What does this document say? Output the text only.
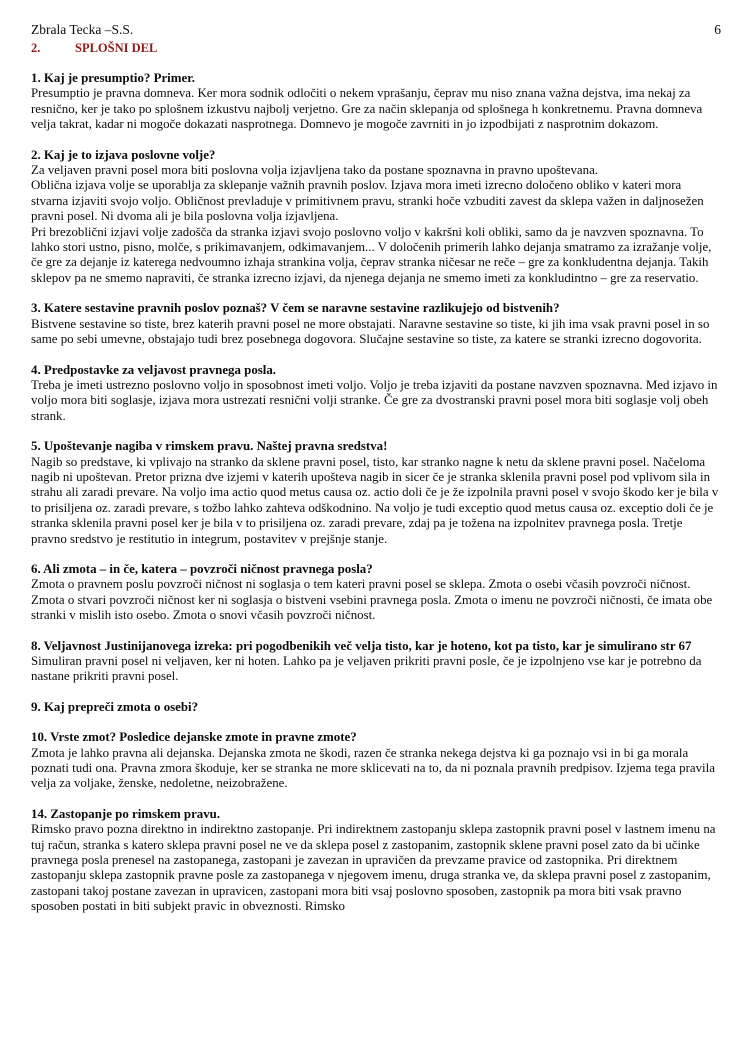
Zbrala Tecka –S.S.	6
2.	SPLOŠNI DEL
1. Kaj je presumptio? Primer.

Presumptio je pravna domneva. Ker mora sodnik odločiti o nekem vprašanju, čeprav mu niso znana važna dejstva, ima nekaj za resnično, ker je tako po splošnem izkustvu najbolj verjetno. Gre za način sklepanja od splošnega h konkretnemu. Pravna domneva velja takrat, kadar ni mogoče dokazati nasprotnega. Domnevo je mogoče zavrniti in jo izpodbijati z nasprotnim dokazom.

2. Kaj je to izjava poslovne volje?

Za veljaven pravni posel mora biti poslovna volja izjavljena tako da postane spoznavna in pravno upoštevana.

Oblična izjava volje se uporablja za sklepanje važnih pravnih poslov. Izjava mora imeti izrecno določeno obliko v kateri mora stvarna izjaviti svojo voljo. Obličnost prevladuje v primitivnem pravu, stranki hoče vzbuditi zavest da sklepa važen in daljnosežen pravni posel. Ni dvoma ali je bila poslovna volja izjavljena.

Pri brezoblični izjavi volje zadošča da stranka izjavi svojo poslovno voljo v kakršni koli obliki, samo da je navzven spoznavna. To lahko stori ustno, pisno, molče, s prikimavanjem, odkimavanjem... V določenih primerih lahko dejanja smatramo za izražanje volje, če gre za dejanje iz katerega nedvoumno izhaja strankina volja, čeprav stranka ničesar ne reče – gre za konkludentna dejanja. Takih sklepov pa ne smemo napraviti, če stranka izrecno izjavi, da njenega dejanja ne smemo imeti za konkludintno – gre za reservatio.

3. Katere sestavine pravnih poslov poznaš? V čem se naravne sestavine razlikujejo od bistvenih?

Bistvene sestavine so tiste, brez katerih pravni posel ne more obstajati. Naravne sestavine so tiste, ki jih ima vsak pravni posel in so same po sebi umevne, obstajajo tudi brez posebnega dogovora. Slučajne sestavine so tiste, za katere se stranki izrecno dogovorita.

4. Predpostavke za veljavost pravnega posla.

Treba je imeti ustrezno poslovno voljo in sposobnost imeti voljo. Voljo je treba izjaviti da postane navzven spoznavna. Med izjavo in voljo mora biti soglasje, izjava mora ustrezati resnični volji stranke. Če gre za dvostranski pravni posel mora biti soglasje volj obeh strank.

5. Upoštevanje nagiba v rimskem pravu. Naštej pravna sredstva!

Nagib so predstave, ki vplivajo na stranko da sklene pravni posel, tisto, kar stranko nagne k netu da sklene pravni posel. Načeloma nagib ni upoštevan. Pretor prizna dve izjemi v katerih upošteva nagib in sicer če je stranka sklenila pravni posel pod vplivom sila in strahu ali zaradi prevare. Na voljo ima actio quod metus causa oz. actio doli če je že izpolnila pravni posel v svojo škodo ker je bila v to prisiljena oz. zaradi prevare, s tožbo lahko zahteva odškodnino. Na voljo je tudi exceptio quod metus causa oz. exceptio doli če je stranka sklenila pravni posel ker je bila v to prisiljena oz. zaradi prevare, zdaj pa je tožena na izpolnitev pravnega posla. Tretje pravno sredstvo je restitutio in integrum, postavitev v prejšnje stanje.

6. Ali zmota – in če, katera – povzroči ničnost pravnega posla?

Zmota o pravnem poslu povzroči ničnost ni soglasja o tem kateri pravni posel se sklepa. Zmota o osebi včasih povzroči ničnost. Zmota o stvari povzroči ničnost ker ni soglasja o bistveni vsebini pravnega posla. Zmota o imenu ne povzroči ničnosti, če imata obe stranki v mislih isto osebo. Zmota o snovi včasih povzroči ničnost.

8. Veljavnost Justinijanovega izreka: pri pogodbenikih več velja tisto, kar je hoteno, kot pa tisto, kar je simulirano str 67

Simuliran pravni posel ni veljaven, ker ni hoten. Lahko pa je veljaven prikriti pravni posle, če je izpolnjeno vse kar je potrebno da nastane prikriti pravni posel.

9. Kaj prepreči zmota o osebi?
10. Vrste zmot? Posledice dejanske zmote in pravne zmote?

Zmota je lahko pravna ali dejanska. Dejanska zmota ne škodi, razen če stranka nekega dejstva ki ga poznajo vsi in bi ga morala poznati tudi ona. Pravna zmora škoduje, ker se stranka ne more sklicevati na to, da ni poznala pravnih predpisov. Izjema tega pravila velja za voljake, ženske, nedoletne, neizobražene.

14. Zastopanje po rimskem pravu.

Rimsko pravo pozna direktno in indirektno zastopanje. Pri indirektnem zastopanju sklepa zastopnik pravni posel v lastnem imenu na tuj račun, stranka s katero sklepa pravni posel ne ve da sklepa posel z zastopanim, zastopnik sklene pravni posel zato da bi učinke pravnega posla prenesel na zastopanega, zastopani je zavezan in upravičen da prevzame pravice od zastopnika. Pri direktnem zastopanju sklepa zastopnik pravne posle za zastopanega v njegovem imenu, druga stranka ve, da sklepa pravni posel z zastopanim, zastopani takoj postane zavezan in upravicen, zastopani mora biti vsaj poslovno sposoben, zastopnik pa mora biti vsak pravno sposoben postati in biti subjekt pravic in obveznosti. Rimsko
